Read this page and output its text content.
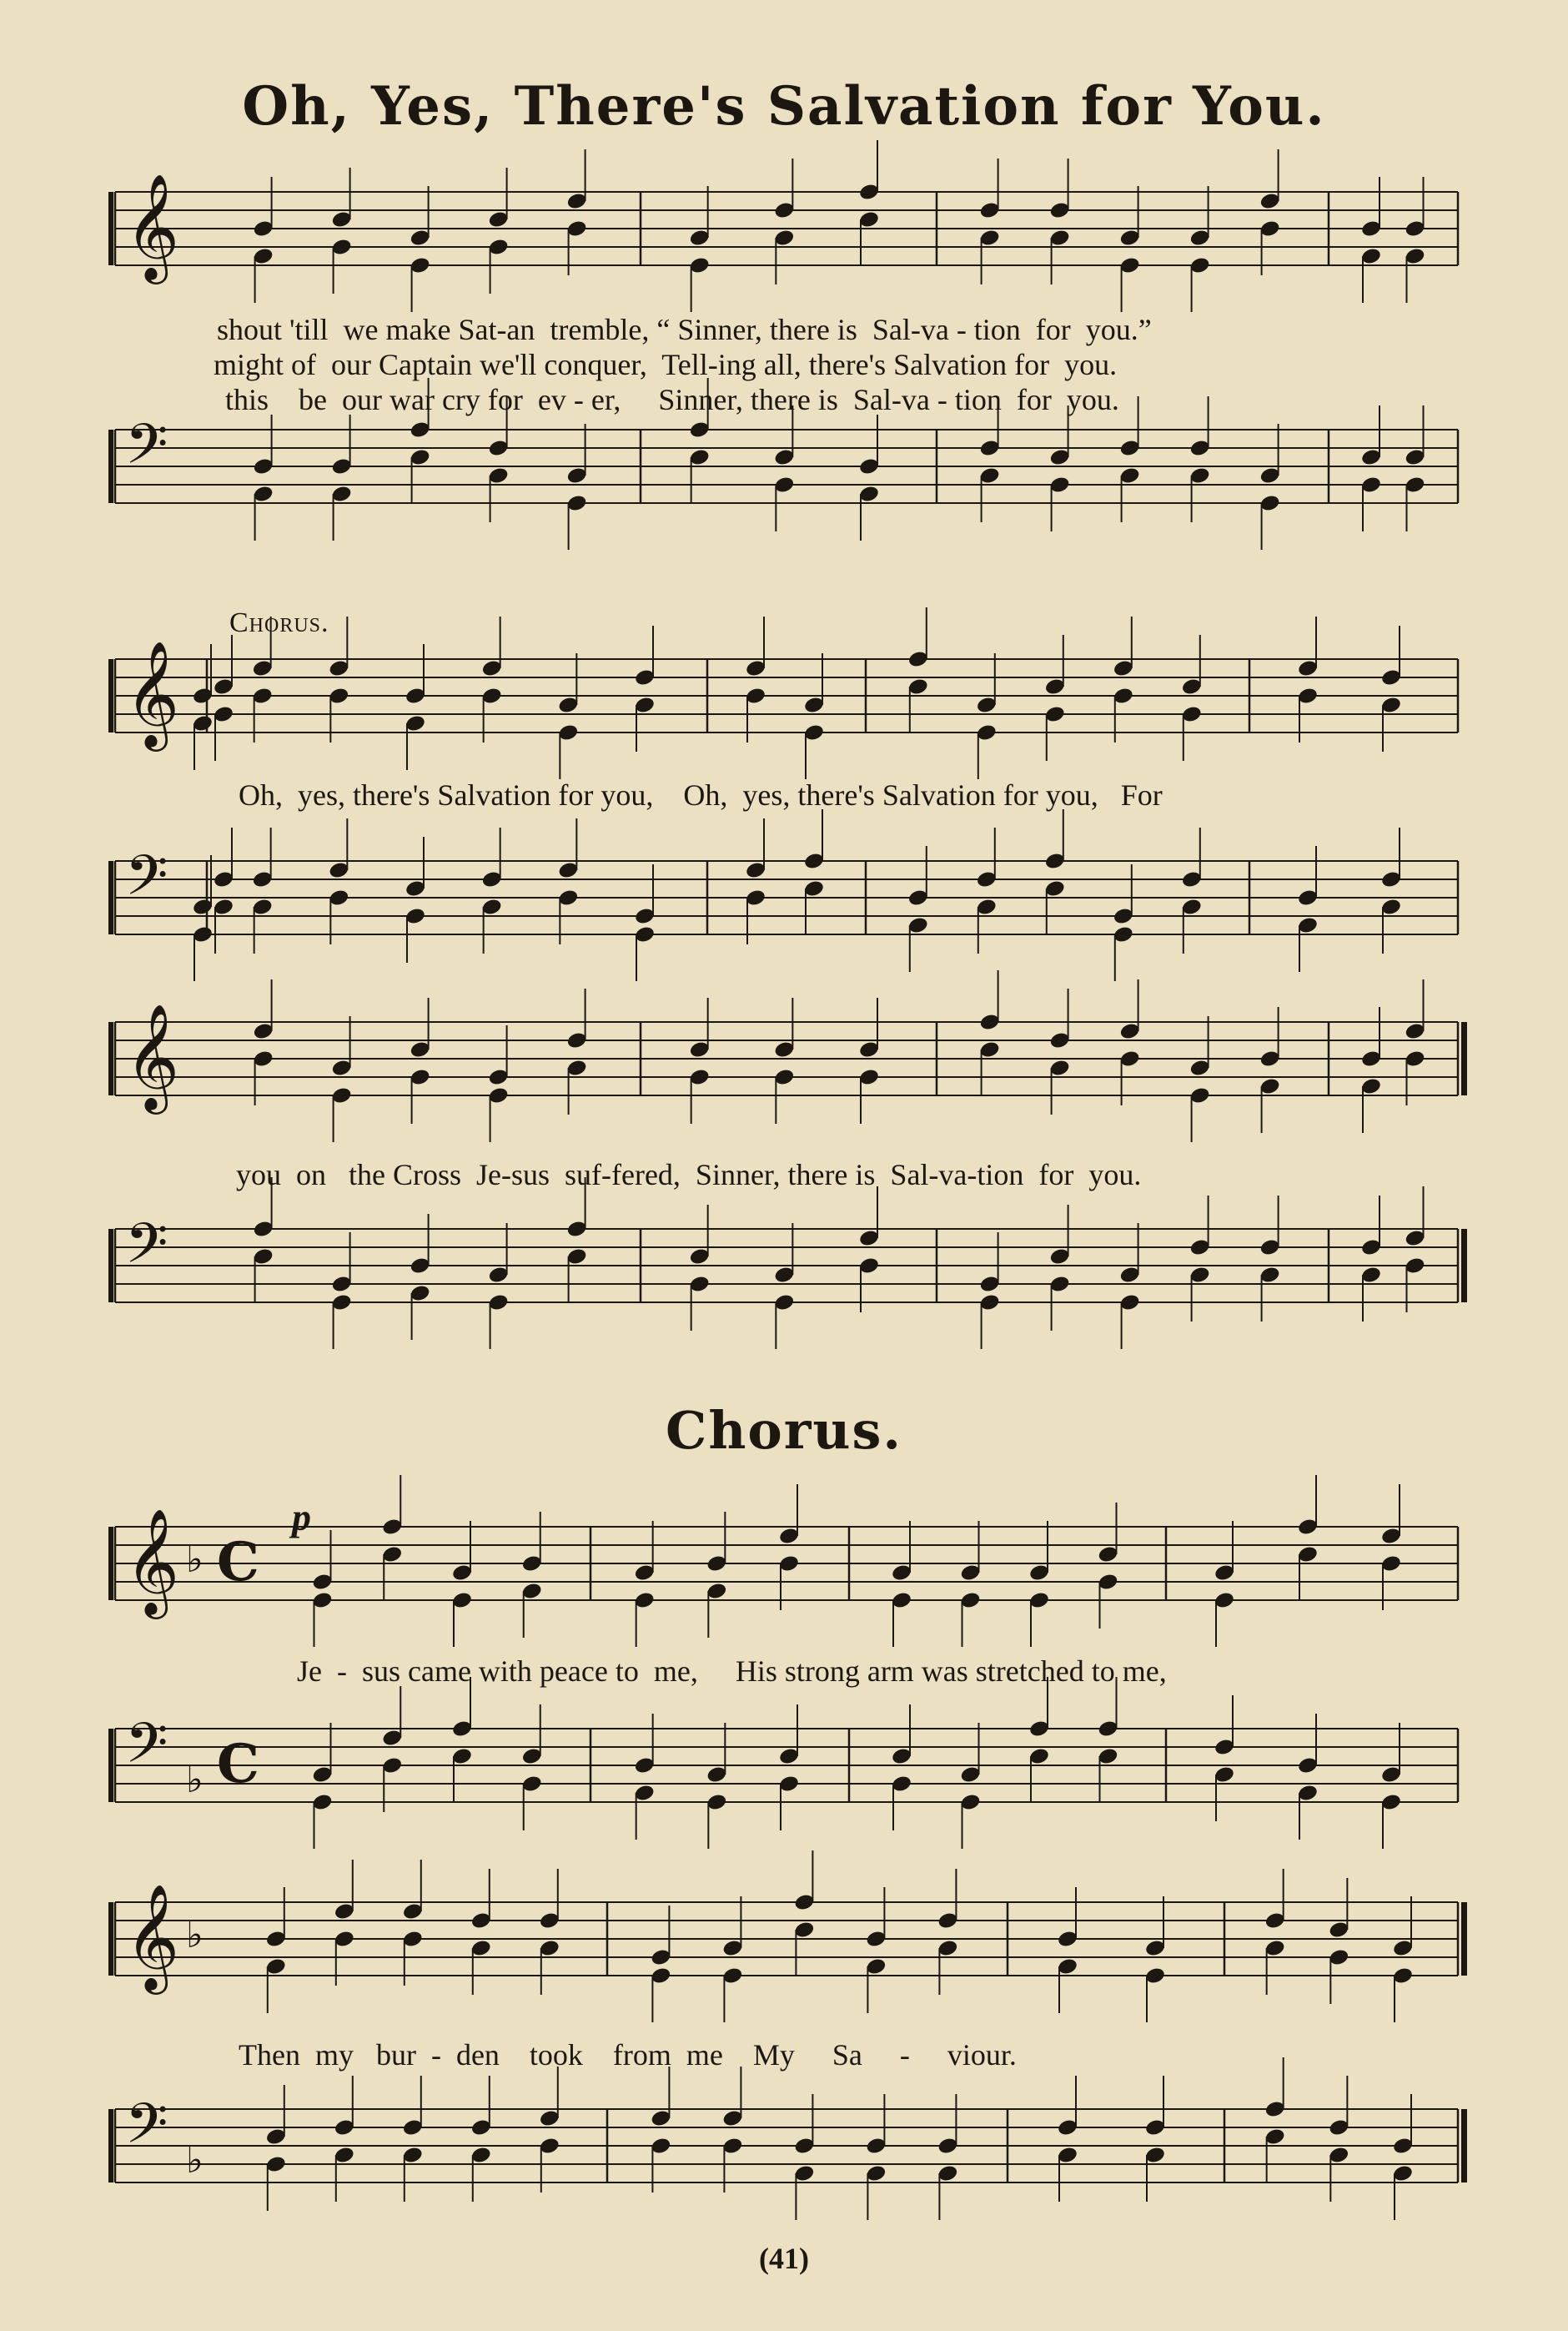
Oh, Yes, There's Salvation for You.
𝄞
shout 'till  we make Sat-an  tremble, “ Sinner, there is  Sal-va - tion  for  you.”
might of  our Captain we'll conquer,  Tell-ing all, there's Salvation for  you.
this    be  our war cry for  ev - er,     Sinner, there is  Sal-va - tion  for  you.
𝄢
Chorus.
𝄞
Oh,  yes, there's Salvation for you,    Oh,  yes, there's Salvation for you,   For
𝄢
𝄞
you  on   the Cross  Je-sus  suf-fered,  Sinner, there is  Sal-va-tion  for  you.
𝄢
Chorus.
p
𝄞 ♭ C
Je  -  sus came with peace to  me,     His strong arm was stretched to me,
𝄢 ♭ C
𝄞 ♭
Then  my   bur  -  den    took    from  me    My     Sa     -     viour.
𝄢 ♭
(41)
